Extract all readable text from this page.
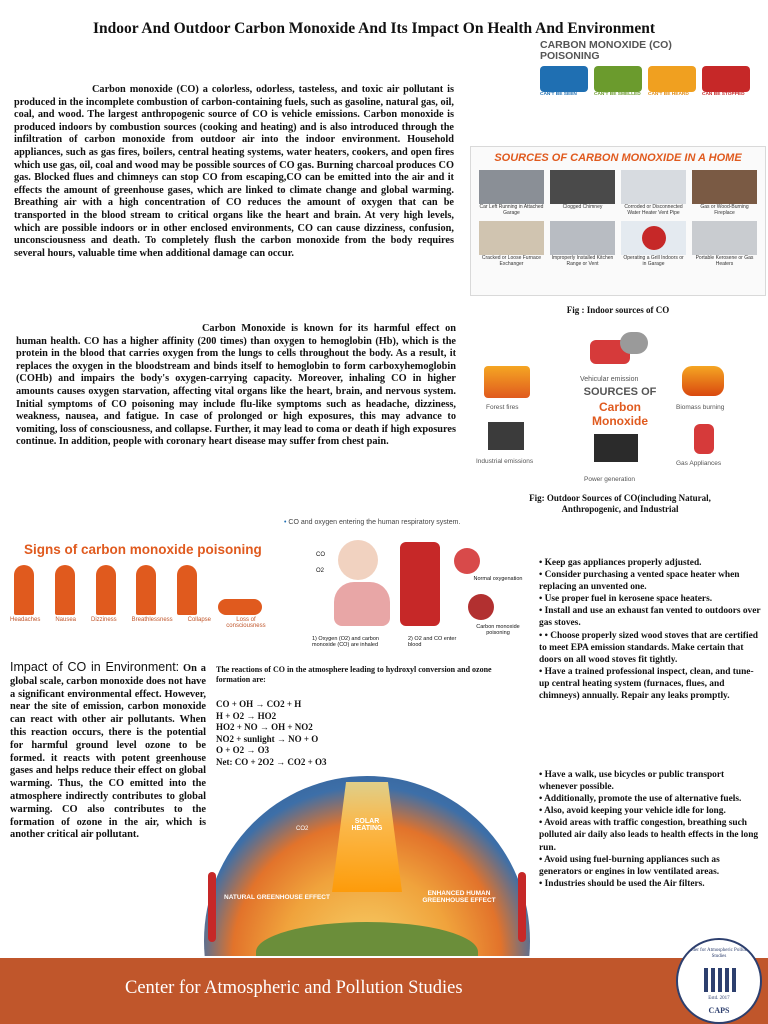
Indoor And Outdoor Carbon Monoxide And Its Impact On Health And Environment

Carbon monoxide (CO) a colorless, odorless, tasteless, and toxic air pollutant is produced in the incomplete combustion of carbon-containing fuels, such as gasoline, natural gas, oil, coal, and wood. The largest anthropogenic source of CO is vehicle emissions. Carbon monoxide is produced indoors by combustion sources (cooking and heating) and is also introduced through the infiltration of carbon monoxide from outdoor air into the indoor environment. Household appliances, such as gas fires, boilers, central heating systems, water heaters, cookers, and open fires which use gas, oil, coal and wood may be possible sources of CO gas. Burning charcoal produces CO gas. Blocked flues and chimneys can stop CO from escaping,CO can be emitted into the air and it effects the amount of greenhouse gases, which are linked to climate change and global warming. Breathing air with a high concentration of CO reduces the amount of oxygen that can be transported in the blood stream to critical organs like the heart and brain. At very high levels, which are possible indoors or in other enclosed environments, CO can cause dizziness, confusion, unconsciousness and death. To completely flush the carbon monoxide from the body requires several hours, valuable time when additional damage can occur.

CARBON MONOXIDE (CO) POISONING
CAN'T BE SEEN	CAN'T BE SMELLED CAN'T BE HEARD	CAN BE STOPPED
SOURCES OF CARBON MONOXIDE IN A HOME
Car Left Running in Attached Garage
Clogged Chimney	Corroded or Disconnected Water Heater Vent Pipe
Gas or Wood-Burning Fireplace
Cracked or Loose Furnace Exchanger
Improperly Installed Kitchen Range or Vent
Operating a Grill Indoors or in Garage
Portable Kerosene or Gas Heaters
Fig : Indoor sources of CO
Vehicular emission
SOURCES OF
Carbon
Monoxide
Forest fires	Biomass burning
Industrial emissions
Power generation
Gas Appliances
Fig: Outdoor Sources of CO(including Natural, Anthropogenic, and Industrial

Carbon Monoxide is known for its harmful effect on human health. CO has a higher affinity (200 times) than oxygen to hemoglobin (Hb), which is the protein in the blood that carries oxygen from the lungs to cells throughout the body. As a result, it replaces the oxygen in the bloodstream and binds itself to hemoglobin to form carboxyhemoglobin (COHb) and impairs the body's oxygen-carrying capacity. Moreover, inhaling CO in higher amounts causes oxygen starvation, affecting vital organs like the heart, brain, and nervous system. Initial symptoms of CO poisoning may include flu-like symptoms such as headache, dizziness, weakness, nausea, and fatigue. In case of prolonged or high exposures, this may advance to vomiting, loss of consciousness, and collapse. Further, it may lead to coma or death if high exposures continue. In addition, people with coronary heart disease may suffer from chest pain.

• CO and oxygen entering the human respiratory system.
Signs of carbon monoxide poisoning
Headaches Nausea Dizziness Breathlessness Collapse	Loss of consciousness
CO
O2
Normal oxygenation
Carbon monoxide poisoning
1) Oxygen (O2) and carbon monoxide (CO) are inhaled
2) O2 and CO enter blood
• Keep gas appliances properly adjusted.
• Consider purchasing a vented space heater when replacing an unvented one.
• Use proper fuel in kerosene space heaters.
• Install and use an exhaust fan vented to outdoors over gas stoves.
• • Choose properly sized wood stoves that are certified to meet EPA emission standards. Make certain that doors on all wood stoves fit tightly.
• Have a trained professional inspect, clean, and tune-up central heating system (furnaces, flues, and chimneys) annually. Repair any leaks promptly.
• Have a walk, use bicycles or public transport whenever possible.
• Additionally, promote the use of alternative fuels.
• Also, avoid keeping your vehicle idle for long.
• Avoid areas with traffic congestion, breathing such polluted air daily also leads to health effects in the long run.
• Avoid using fuel-burning appliances such as generators or engines in low ventilated areas.
• Industries should be used the Air filters.
Impact of CO in Environment: On a global scale, carbon monoxide does not have a significant environmental effect. However, near the site of emission, carbon monoxide can react with other air pollutants. When this reaction occurs, there is the potential for harmful ground level ozone to be formed. it reacts with potent greenhouse gases and helps reduce their effect on global warming. Thus, the CO emitted into the atmosphere indirectly contributes to global warming. CO also contributes to the formation of ozone in the air, which is another critical air pollutant.
The reactions of CO in the atmosphere leading to hydroxyl conversion and ozone formation are:
CO + OH → CO2 + H
H + O2 → HO2
HO2 + NO → OH + NO2
NO2 + sunlight → NO + O
O + O2 → O3
Net: CO + 2O2 → CO2 + O3
SOLAR HEATING
CO2
NATURAL GREENHOUSE EFFECT
ENHANCED HUMAN GREENHOUSE EFFECT
Center for Atmospheric and Pollution Studies
Center for Atmospheric Pollution Studies
Estd. 2017
CAPS
